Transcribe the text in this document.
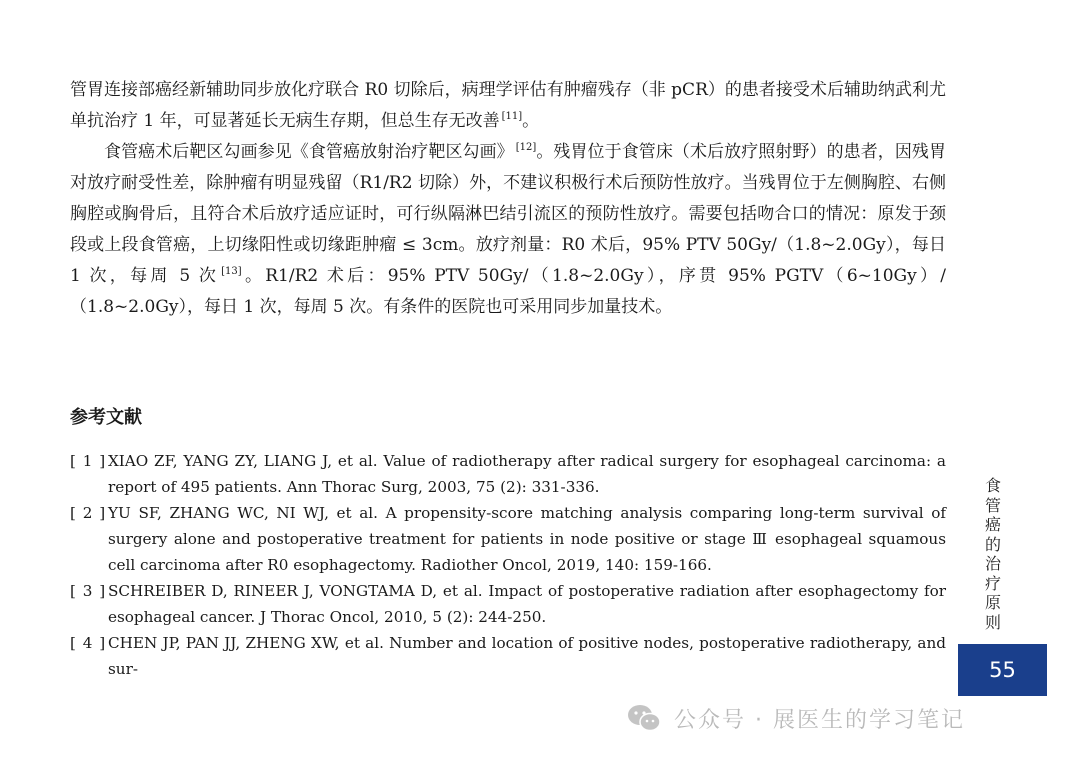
管胃连接部癌经新辅助同步放化疗联合 R0 切除后，病理学评估有肿瘤残存（非 pCR）的患者接受术后辅助纳武利尤单抗治疗 1 年，可显著延长无病生存期，但总生存无改善 [11]。

食管癌术后靶区勾画参见《食管癌放射治疗靶区勾画》 [12]。残胃位于食管床（术后放疗照射野）的患者，因残胃对放疗耐受性差，除肿瘤有明显残留（R1/R2 切除）外，不建议积极行术后预防性放疗。当残胃位于左侧胸腔、右侧胸腔或胸骨后，且符合术后放疗适应证时，可行纵隔淋巴结引流区的预防性放疗。需要包括吻合口的情况：原发于颈段或上段食管癌，上切缘阳性或切缘距肿瘤 ≤ 3cm。放疗剂量：R0 术后，95% PTV 50Gy/（1.8~2.0Gy），每日 1 次，每周 5 次 [13]。R1/R2 术后：95% PTV 50Gy/（1.8~2.0Gy），序贯 95% PGTV（6~10Gy）/（1.8~2.0Gy），每日 1 次，每周 5 次。有条件的医院也可采用同步加量技术。

参考文献
[ 1 ] XIAO ZF, YANG ZY, LIANG J, et al. Value of radiotherapy after radical surgery for esophageal carcinoma: a report of 495 patients. Ann Thorac Surg, 2003, 75 (2): 331-336.
[ 2 ] YU SF, ZHANG WC, NI WJ, et al. A propensity-score matching analysis comparing long-term survival of surgery alone and postoperative treatment for patients in node positive or stage Ⅲ esophageal squamous cell carcinoma after R0 esophagectomy. Radiother Oncol, 2019, 140: 159-166.
[ 3 ] SCHREIBER D, RINEER J, VONGTAMA D, et al. Impact of postoperative radiation after esophagectomy for esophageal cancer. J Thorac Oncol, 2010, 5 (2): 244-250.
[ 4 ] CHEN JP, PAN JJ, ZHENG XW, et al. Number and location of positive nodes, postoperative radiotherapy, and sur-
食管癌的治疗原则
55
公众号 · 展医生的学习笔记
